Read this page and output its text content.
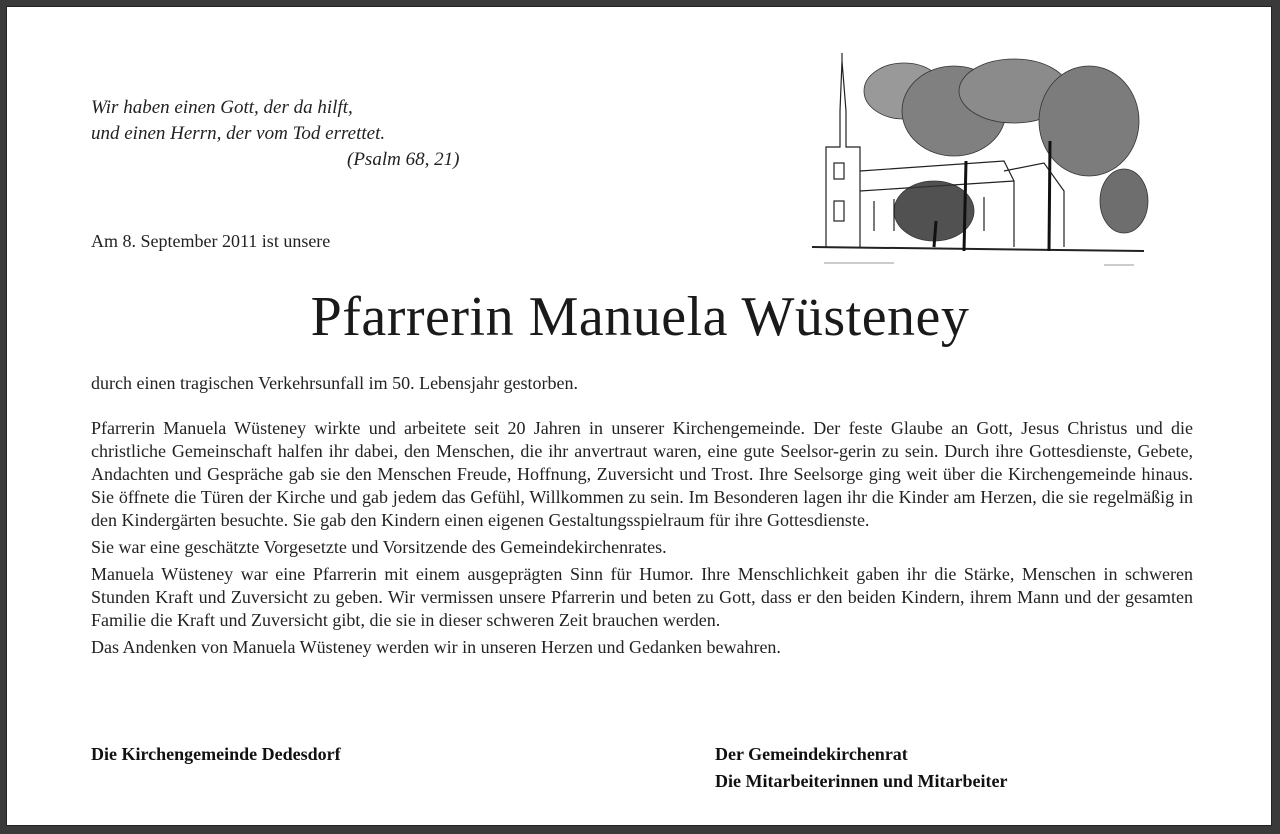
Wir haben einen Gott, der da hilft,
und einen Herrn, der vom Tod errettet.

(Psalm 68, 21)
Am 8. September 2011 ist unsere
Pfarrerin Manuela Wüsteney
durch einen tragischen Verkehrsunfall im 50. Lebensjahr gestorben.

Pfarrerin Manuela Wüsteney wirkte und arbeitete seit 20 Jahren in unserer Kirchengemeinde. Der feste Glaube an Gott, Jesus Christus und die christliche Gemeinschaft halfen ihr dabei, den Menschen, die ihr anvertraut waren, eine gute Seelsor-gerin zu sein. Durch ihre Gottesdienste, Gebete, Andachten und Gespräche gab sie den Menschen Freude, Hoffnung, Zuversicht und Trost. Ihre Seelsorge ging weit über die Kirchengemeinde hinaus. Sie öffnete die Türen der Kirche und gab jedem das Gefühl, Willkommen zu sein. Im Besonderen lagen ihr die Kinder am Herzen, die sie regelmäßig in den Kindergärten besuchte. Sie gab den Kindern einen eigenen Gestaltungsspielraum für ihre Gottesdienste.

Sie war eine geschätzte Vorgesetzte und Vorsitzende des Gemeindekirchenrates.

Manuela Wüsteney war eine Pfarrerin mit einem ausgeprägten Sinn für Humor. Ihre Menschlichkeit gaben ihr die Stärke, Menschen in schweren Stunden Kraft und Zuversicht zu geben. Wir vermissen unsere Pfarrerin und beten zu Gott, dass er den beiden Kindern, ihrem Mann und der gesamten Familie die Kraft und Zuversicht gibt, die sie in dieser schweren Zeit brauchen werden.

Das Andenken von Manuela Wüsteney werden wir in unseren Herzen und Gedanken bewahren.

Die Kirchengemeinde Dedesdorf	Der Gemeindekirchenrat
Die Mitarbeiterinnen und Mitarbeiter
